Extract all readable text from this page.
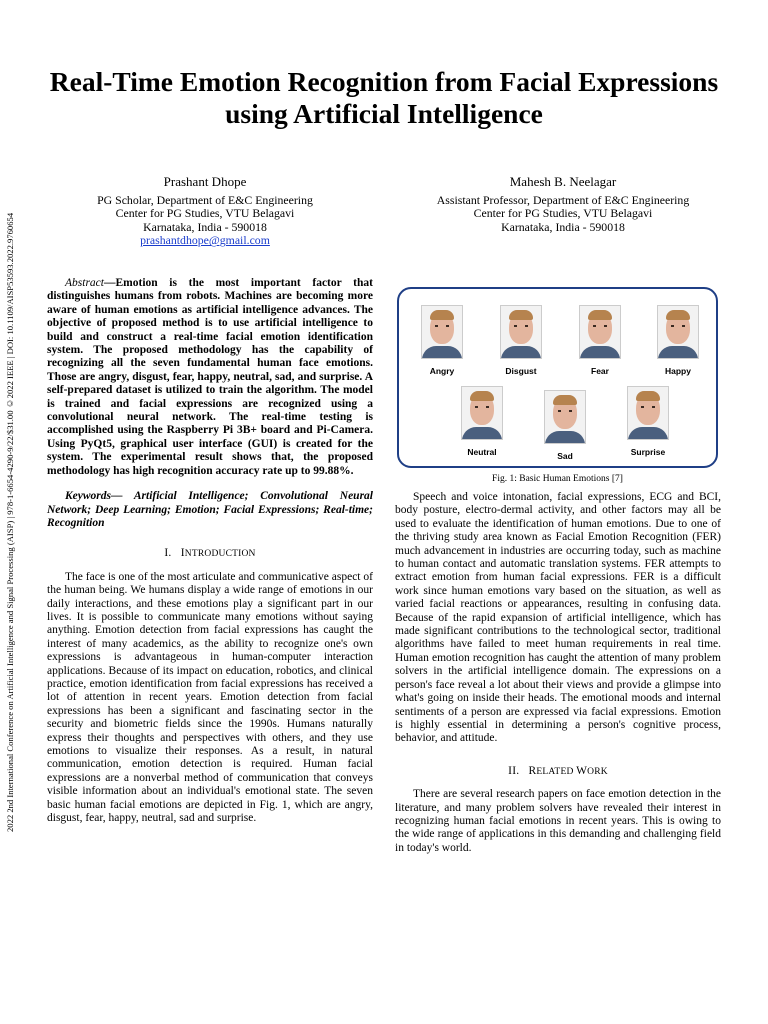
2022 2nd International Conference on Artificial Intelligence and Signal Processing (AISP) | 978-1-6654-4290-9/22/$31.00 ©2022 IEEE | DOI: 10.1109/AISP53593.2022.9760654
Real-Time Emotion Recognition from Facial Expressions using Artificial Intelligence
Prashant Dhope
PG Scholar, Department of E&C Engineering
Center for PG Studies, VTU Belagavi
Karnataka, India - 590018
prashantdhope@gmail.com
Mahesh B. Neelagar
Assistant Professor, Department of E&C Engineering
Center for PG Studies, VTU Belagavi
Karnataka, India - 590018

Abstract—Emotion is the most important factor that distinguishes humans from robots. Machines are becoming more aware of human emotions as artificial intelligence advances. The objective of proposed method is to use artificial intelligence to build and construct a real-time facial emotion identification system. The proposed methodology has the capability of recognizing all the seven fundamental human face emotions. Those are angry, disgust, fear, happy, neutral, sad, and surprise. A self-prepared dataset is utilized to train the algorithm. The model is trained and facial expressions are recognized using a convolutional neural network. The real-time testing is accomplished using the Raspberry Pi 3B+ board and Pi-Camera. Using PyQt5, graphical user interface (GUI) is created for the system. The experimental result shows that, the proposed methodology has high recognition accuracy rate up to 99.88%.

Keywords— Artificial Intelligence; Convolutional Neural Network; Deep Learning; Emotion; Facial Expressions; Real-time; Recognition

I. INTRODUCTION

The face is one of the most articulate and communicative aspect of the human being. We humans display a wide range of emotions in our daily interactions, and these emotions play a significant part in our lives. It is possible to communicate many emotions without saying anything. Emotion detection from facial expressions has caught the interest of many academics, as the ability to recognize one's own expressions is advantageous in human-computer interaction applications. Because of its impact on education, robotics, and clinical practice, emotion identification from facial expressions has received a lot of attention in recent years. Emotion detection from facial expressions has been a significant and fascinating sector in the security and biometric fields since the 1990s. Humans naturally express their thoughts and perspectives with others, and they use emotions to visualize their responses. As a result, in natural communication, emotion detection is required. Human facial expressions are a nonverbal method of communication that conveys visible information about an individual's emotional state. The seven basic human facial emotions are depicted in Fig. 1, which are angry, disgust, fear, happy, neutral, sad and surprise.

Angry	Disgust	Fear	Happy
Neutral	Sad	Surprise
Fig. 1: Basic Human Emotions [7]

Speech and voice intonation, facial expressions, ECG and BCI, body posture, electro-dermal activity, and other factors may all be used to evaluate the identification of human emotions. Due to one of the thriving study area known as Facial Emotion Recognition (FER) much advancement in industries are occurring today, such as machine to human contact and automatic translation systems. FER attempts to extract emotion from human facial expressions. FER is a difficult work since human emotions vary based on the situation, as well as varied facial reactions or appearances, resulting in confusing data. Because of the rapid expansion of artificial intelligence, which has made significant contributions to the technological sector, traditional algorithms have failed to meet human requirements in real time. Human emotion recognition has caught the attention of many problem solvers in the artificial intelligence domain. The expressions on a person's face reveal a lot about their views and provide a glimpse into what's going on inside their heads. The emotional moods and internal sentiments of a person are expressed via facial expressions. Emotion is highly essential in determining a person's cognitive process, behavior, and attitude.

II. RELATED WORK

There are several research papers on face emotion detection in the literature, and many problem solvers have revealed their interest in recognizing human facial emotions in recent years. This is owing to the wide range of applications in this demanding and challenging field in today's world.
